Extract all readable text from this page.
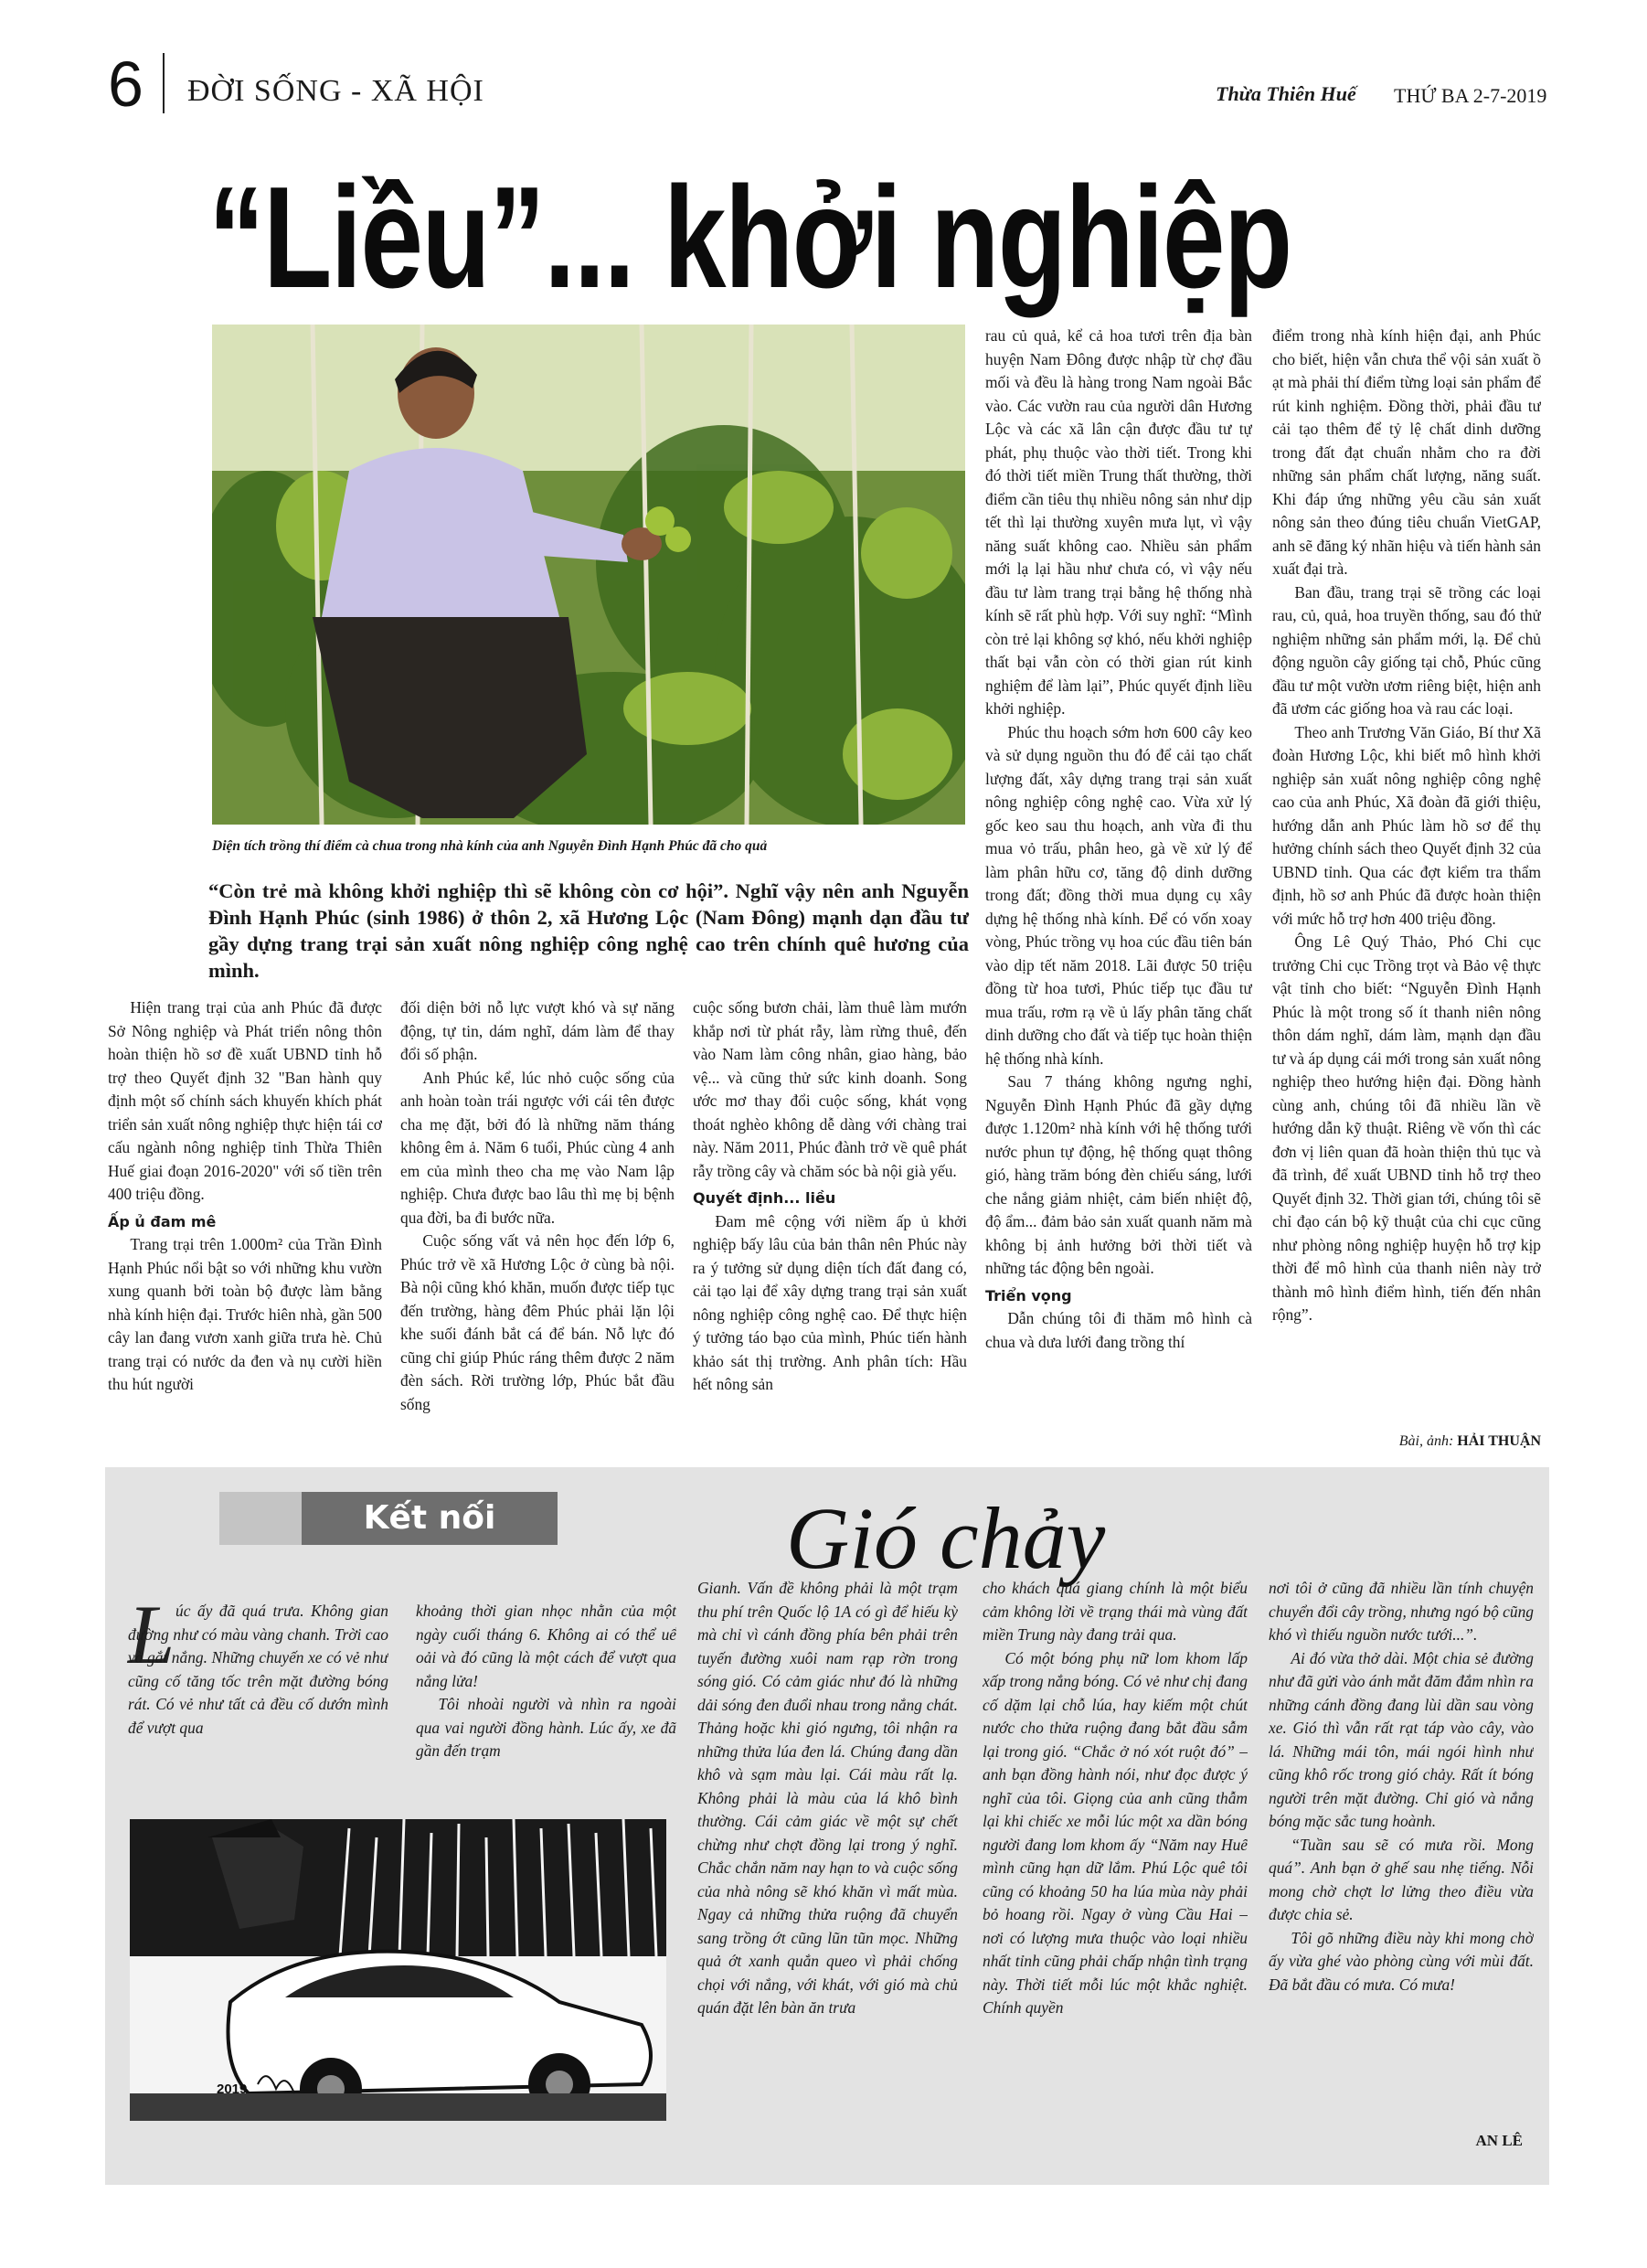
6 ĐỜI SỐNG - XÃ HỘI	Thừa Thiên Huế THỨ BA 2-7-2019
“Liều”... khởi nghiệp
Diện tích trồng thí điểm cà chua trong nhà kính của anh Nguyễn Đình Hạnh Phúc đã cho quả
“Còn trẻ mà không khởi nghiệp thì sẽ không còn cơ hội”. Nghĩ vậy nên anh Nguyễn Đình Hạnh Phúc (sinh 1986) ở thôn 2, xã Hương Lộc (Nam Đông) mạnh dạn đầu tư gầy dựng trang trại sản xuất nông nghiệp công nghệ cao trên chính quê hương của mình.

Hiện trang trại của anh Phúc đã được Sở Nông nghiệp và Phát triển nông thôn hoàn thiện hồ sơ đề xuất UBND tỉnh hỗ trợ theo Quyết định 32 "Ban hành quy định một số chính sách khuyến khích phát triển sản xuất nông nghiệp thực hiện tái cơ cấu ngành nông nghiệp tỉnh Thừa Thiên Huế giai đoạn 2016-2020" với số tiền trên 400 triệu đồng.

Ấp ủ đam mê

Trang trại trên 1.000m² của Trần Đình Hạnh Phúc nổi bật so với những khu vườn xung quanh bởi toàn bộ được làm bằng nhà kính hiện đại. Trước hiên nhà, gần 500 cây lan đang vươn xanh giữa trưa hè. Chủ trang trại có nước da đen và nụ cười hiền thu hút người

đối diện bởi nỗ lực vượt khó và sự năng động, tự tin, dám nghĩ, dám làm để thay đổi số phận.

Anh Phúc kể, lúc nhỏ cuộc sống của anh hoàn toàn trái ngược với cái tên được cha mẹ đặt, bởi đó là những năm tháng không êm ả. Năm 6 tuổi, Phúc cùng 4 anh em của mình theo cha mẹ vào Nam lập nghiệp. Chưa được bao lâu thì mẹ bị bệnh qua đời, ba đi bước nữa.

Cuộc sống vất vả nên học đến lớp 6, Phúc trở về xã Hương Lộc ở cùng bà nội. Bà nội cũng khó khăn, muốn được tiếp tục đến trường, hàng đêm Phúc phải lặn lội khe suối đánh bắt cá để bán. Nỗ lực đó cũng chỉ giúp Phúc ráng thêm được 2 năm đèn sách. Rời trường lớp, Phúc bắt đầu sống

cuộc sống bươn chải, làm thuê làm mướn khắp nơi từ phát rẫy, làm rừng thuê, đến vào Nam làm công nhân, giao hàng, bảo vệ... và cũng thử sức kinh doanh. Song ước mơ thay đổi cuộc sống, khát vọng thoát nghèo không dễ dàng với chàng trai này. Năm 2011, Phúc đành trở về quê phát rẫy trồng cây và chăm sóc bà nội già yếu.

Quyết định... liều

Đam mê cộng với niềm ấp ủ khởi nghiệp bấy lâu của bản thân nên Phúc này ra ý tưởng sử dụng diện tích đất đang có, cải tạo lại để xây dựng trang trại sản xuất nông nghiệp công nghệ cao. Để thực hiện ý tưởng táo bạo của mình, Phúc tiến hành khảo sát thị trường. Anh phân tích: Hầu hết nông sản

rau củ quả, kể cả hoa tươi trên địa bàn huyện Nam Đông được nhập từ chợ đầu mối và đều là hàng trong Nam ngoài Bắc vào. Các vườn rau của người dân Hương Lộc và các xã lân cận được đầu tư tự phát, phụ thuộc vào thời tiết. Trong khi đó thời tiết miền Trung thất thường, thời điểm cần tiêu thụ nhiều nông sản như dịp tết thì lại thường xuyên mưa lụt, vì vậy năng suất không cao. Nhiều sản phẩm mới lạ lại hầu như chưa có, vì vậy nếu đầu tư làm trang trại bằng hệ thống nhà kính sẽ rất phù hợp. Với suy nghĩ: “Mình còn trẻ lại không sợ khó, nếu khởi nghiệp thất bại vẫn còn có thời gian rút kinh nghiệm để làm lại”, Phúc quyết định liều khởi nghiệp.

Phúc thu hoạch sớm hơn 600 cây keo và sử dụng nguồn thu đó để cải tạo chất lượng đất, xây dựng trang trại sản xuất nông nghiệp công nghệ cao. Vừa xử lý gốc keo sau thu hoạch, anh vừa đi thu mua vỏ trấu, phân heo, gà về xử lý để làm phân hữu cơ, tăng độ dinh dưỡng trong đất; đồng thời mua dụng cụ xây dựng hệ thống nhà kính. Để có vốn xoay vòng, Phúc trồng vụ hoa cúc đầu tiên bán vào dịp tết năm 2018. Lãi được 50 triệu đồng từ hoa tươi, Phúc tiếp tục đầu tư mua trấu, rơm rạ về ủ lấy phân tăng chất dinh dưỡng cho đất và tiếp tục hoàn thiện hệ thống nhà kính.

Sau 7 tháng không ngưng nghỉ, Nguyễn Đình Hạnh Phúc đã gầy dựng được 1.120m² nhà kính với hệ thống tưới nước phun tự động, hệ thống quạt thông gió, hàng trăm bóng đèn chiếu sáng, lưới che nắng giảm nhiệt, cảm biến nhiệt độ, độ ẩm... đảm bảo sản xuất quanh năm mà không bị ảnh hưởng bởi thời tiết và những tác động bên ngoài.

Triển vọng

Dẫn chúng tôi đi thăm mô hình cà chua và dưa lưới đang trồng thí

điểm trong nhà kính hiện đại, anh Phúc cho biết, hiện vẫn chưa thể vội sản xuất ồ ạt mà phải thí điểm từng loại sản phẩm để rút kinh nghiệm. Đồng thời, phải đầu tư cải tạo thêm để tỷ lệ chất dinh dưỡng trong đất đạt chuẩn nhằm cho ra đời những sản phẩm chất lượng, năng suất. Khi đáp ứng những yêu cầu sản xuất nông sản theo đúng tiêu chuẩn VietGAP, anh sẽ đăng ký nhãn hiệu và tiến hành sản xuất đại trà.

Ban đầu, trang trại sẽ trồng các loại rau, củ, quả, hoa truyền thống, sau đó thử nghiệm những sản phẩm mới, lạ. Để chủ động nguồn cây giống tại chỗ, Phúc cũng đầu tư một vườn ươm riêng biệt, hiện anh đã ươm các giống hoa và rau các loại.

Theo anh Trương Văn Giáo, Bí thư Xã đoàn Hương Lộc, khi biết mô hình khởi nghiệp sản xuất nông nghiệp công nghệ cao của anh Phúc, Xã đoàn đã giới thiệu, hướng dẫn anh Phúc làm hồ sơ để thụ hưởng chính sách theo Quyết định 32 của UBND tỉnh. Qua các đợt kiểm tra thẩm định, hồ sơ anh Phúc đã được hoàn thiện với mức hỗ trợ hơn 400 triệu đồng.

Ông Lê Quý Thảo, Phó Chi cục trưởng Chi cục Trồng trọt và Bảo vệ thực vật tỉnh cho biết: “Nguyễn Đình Hạnh Phúc là một trong số ít thanh niên nông thôn dám nghĩ, dám làm, mạnh dạn đầu tư và áp dụng cái mới trong sản xuất nông nghiệp theo hướng hiện đại. Đồng hành cùng anh, chúng tôi đã nhiều lần về hướng dẫn kỹ thuật. Riêng về vốn thì các đơn vị liên quan đã hoàn thiện thủ tục và đã trình, để xuất UBND tỉnh hỗ trợ theo Quyết định 32. Thời gian tới, chúng tôi sẽ chỉ đạo cán bộ kỹ thuật của chi cục cũng như phòng nông nghiệp huyện hỗ trợ kịp thời để mô hình của thanh niên này trở thành mô hình điểm hình, tiến đến nhân rộng”.

Bài, ảnh: HẢI THUẬN
Kết nối	Gió chảy
L úc ấy đã quá trưa. Không gian đường như có màu vàng chanh. Trời cao và gắt nắng. Những chuyến xe có vẻ như cũng cố tăng tốc trên mặt đường bóng rát. Có vẻ như tất cả đều cố dướn mình để vượt qua

khoảng thời gian nhọc nhằn của một ngày cuối tháng 6. Không ai có thể uể oải và đó cũng là một cách để vượt qua nắng lửa!

Tôi nhoài người và nhìn ra ngoài qua vai người đồng hành. Lúc ấy, xe đã gần đến trạm

Gianh. Vấn đề không phải là một trạm thu phí trên Quốc lộ 1A có gì để hiếu kỳ mà chỉ vì cánh đồng phía bên phải trên tuyến đường xuôi nam rạp rờn trong sóng gió. Có cảm giác như đó là những dải sóng đen đuổi nhau trong nắng chát. Thảng hoặc khi gió ngưng, tôi nhận ra những thửa lúa đen lá. Chúng đang dần khô và sạm màu lại. Cái màu rất lạ. Không phải là màu của lá khô bình thường. Cái cảm giác về một sự chết chừng như chợt đồng lại trong ý nghĩ. Chắc chắn năm nay hạn to và cuộc sống của nhà nông sẽ khó khăn vì mất mùa. Ngay cả những thửa ruộng đã chuyển sang trồng ớt cũng lũn tũn mọc. Những quả ớt xanh quắn queo vì phải chống chọi với nắng, với khát, với gió mà chủ quán đặt lên bàn ăn trưa

cho khách quá giang chính là một biểu cảm không lời về trạng thái mà vùng đất miền Trung này đang trải qua.

Có một bóng phụ nữ lom khom lấp xấp trong nắng bóng. Có vẻ như chị đang cố dặm lại chỗ lúa, hay kiếm một chút nước cho thửa ruộng đang bắt đầu sẫm lại trong gió. “Chắc ở nó xót ruột đó” – anh bạn đồng hành nói, như đọc được ý nghĩ của tôi. Giọng của anh cũng thẫm lại khi chiếc xe mỗi lúc một xa dần bóng người đang lom khom ấy “Năm nay Huế mình cũng hạn dữ lắm. Phú Lộc quê tôi cũng có khoảng 50 ha lúa mùa này phải bỏ hoang rồi. Ngay ở vùng Cầu Hai – nơi có lượng mưa thuộc vào loại nhiều nhất tỉnh cũng phải chấp nhận tình trạng này. Thời tiết mỗi lúc một khắc nghiệt. Chính quyền

nơi tôi ở cũng đã nhiều lần tính chuyện chuyển đổi cây trồng, nhưng ngó bộ cũng khó vì thiếu nguồn nước tưới...”.

Ai đó vừa thở dài. Một chia sẻ đường như đã gửi vào ánh mắt đăm đắm nhìn ra những cánh đồng đang lùi dần sau vòng xe. Gió thì vẫn rất rạt táp vào cây, vào lá. Những mái tôn, mái ngói hình như cũng khô rốc trong gió chảy. Rất ít bóng người trên mặt đường. Chỉ gió và nắng bóng mặc sắc tung hoành.

“Tuần sau sẽ có mưa rồi. Mong quá”. Anh bạn ở ghế sau nhẹ tiếng. Nỗi mong chờ chợt lơ lửng theo điều vừa được chia sẻ.

Tôi gõ những điều này khi mong chờ ấy vừa ghé vào phòng cùng với mùi đất. Đã bắt đầu có mưa. Có mưa!

AN LÊ
2019
